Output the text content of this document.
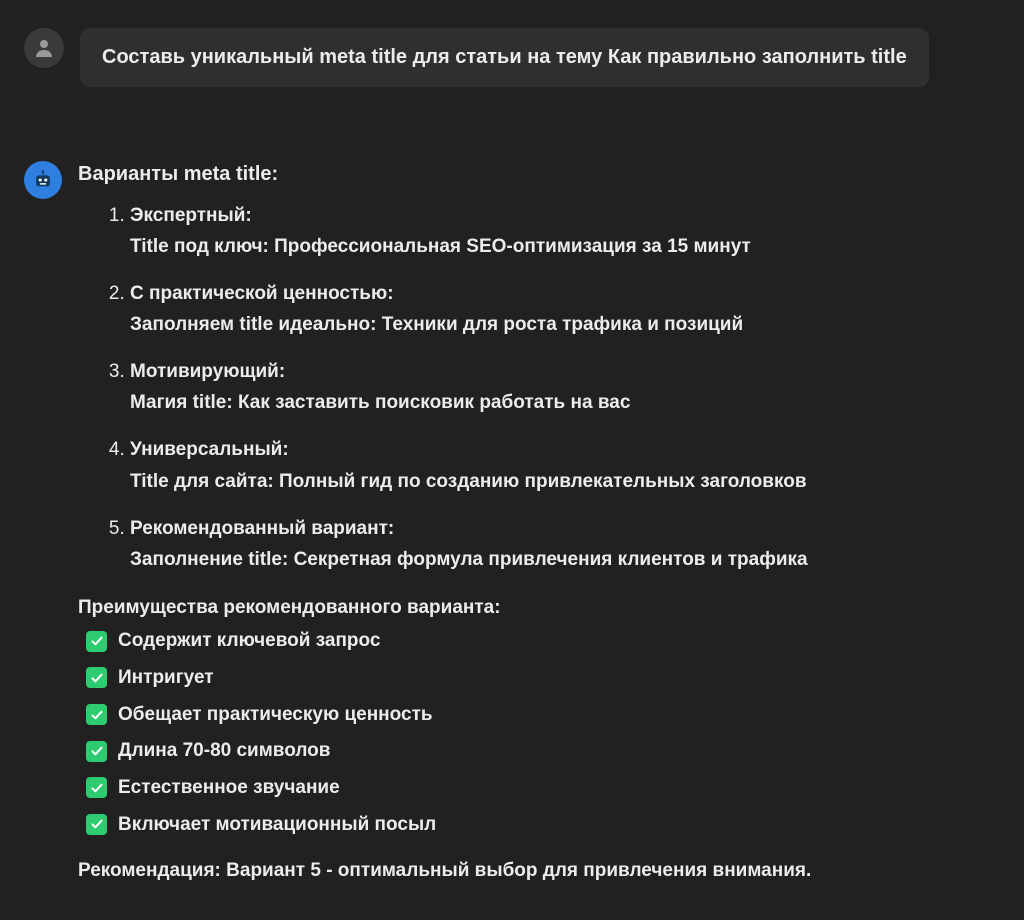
Составь уникальный meta title для статьи на тему Как правильно заполнить title
Варианты meta title:
1. Экспертный:
Title под ключ: Профессиональная SEO-оптимизация за 15 минут
2. С практической ценностью:
Заполняем title идеально: Техники для роста трафика и позиций
3. Мотивирующий:
Магия title: Как заставить поисковик работать на вас
4. Универсальный:
Title для сайта: Полный гид по созданию привлекательных заголовков
5. Рекомендованный вариант:
Заполнение title: Секретная формула привлечения клиентов и трафика
Преимущества рекомендованного варианта:
Содержит ключевой запрос
Интригует
Обещает практическую ценность
Длина 70-80 символов
Естественное звучание
Включает мотивационный посыл
Рекомендация: Вариант 5 - оптимальный выбор для привлечения внимания.
